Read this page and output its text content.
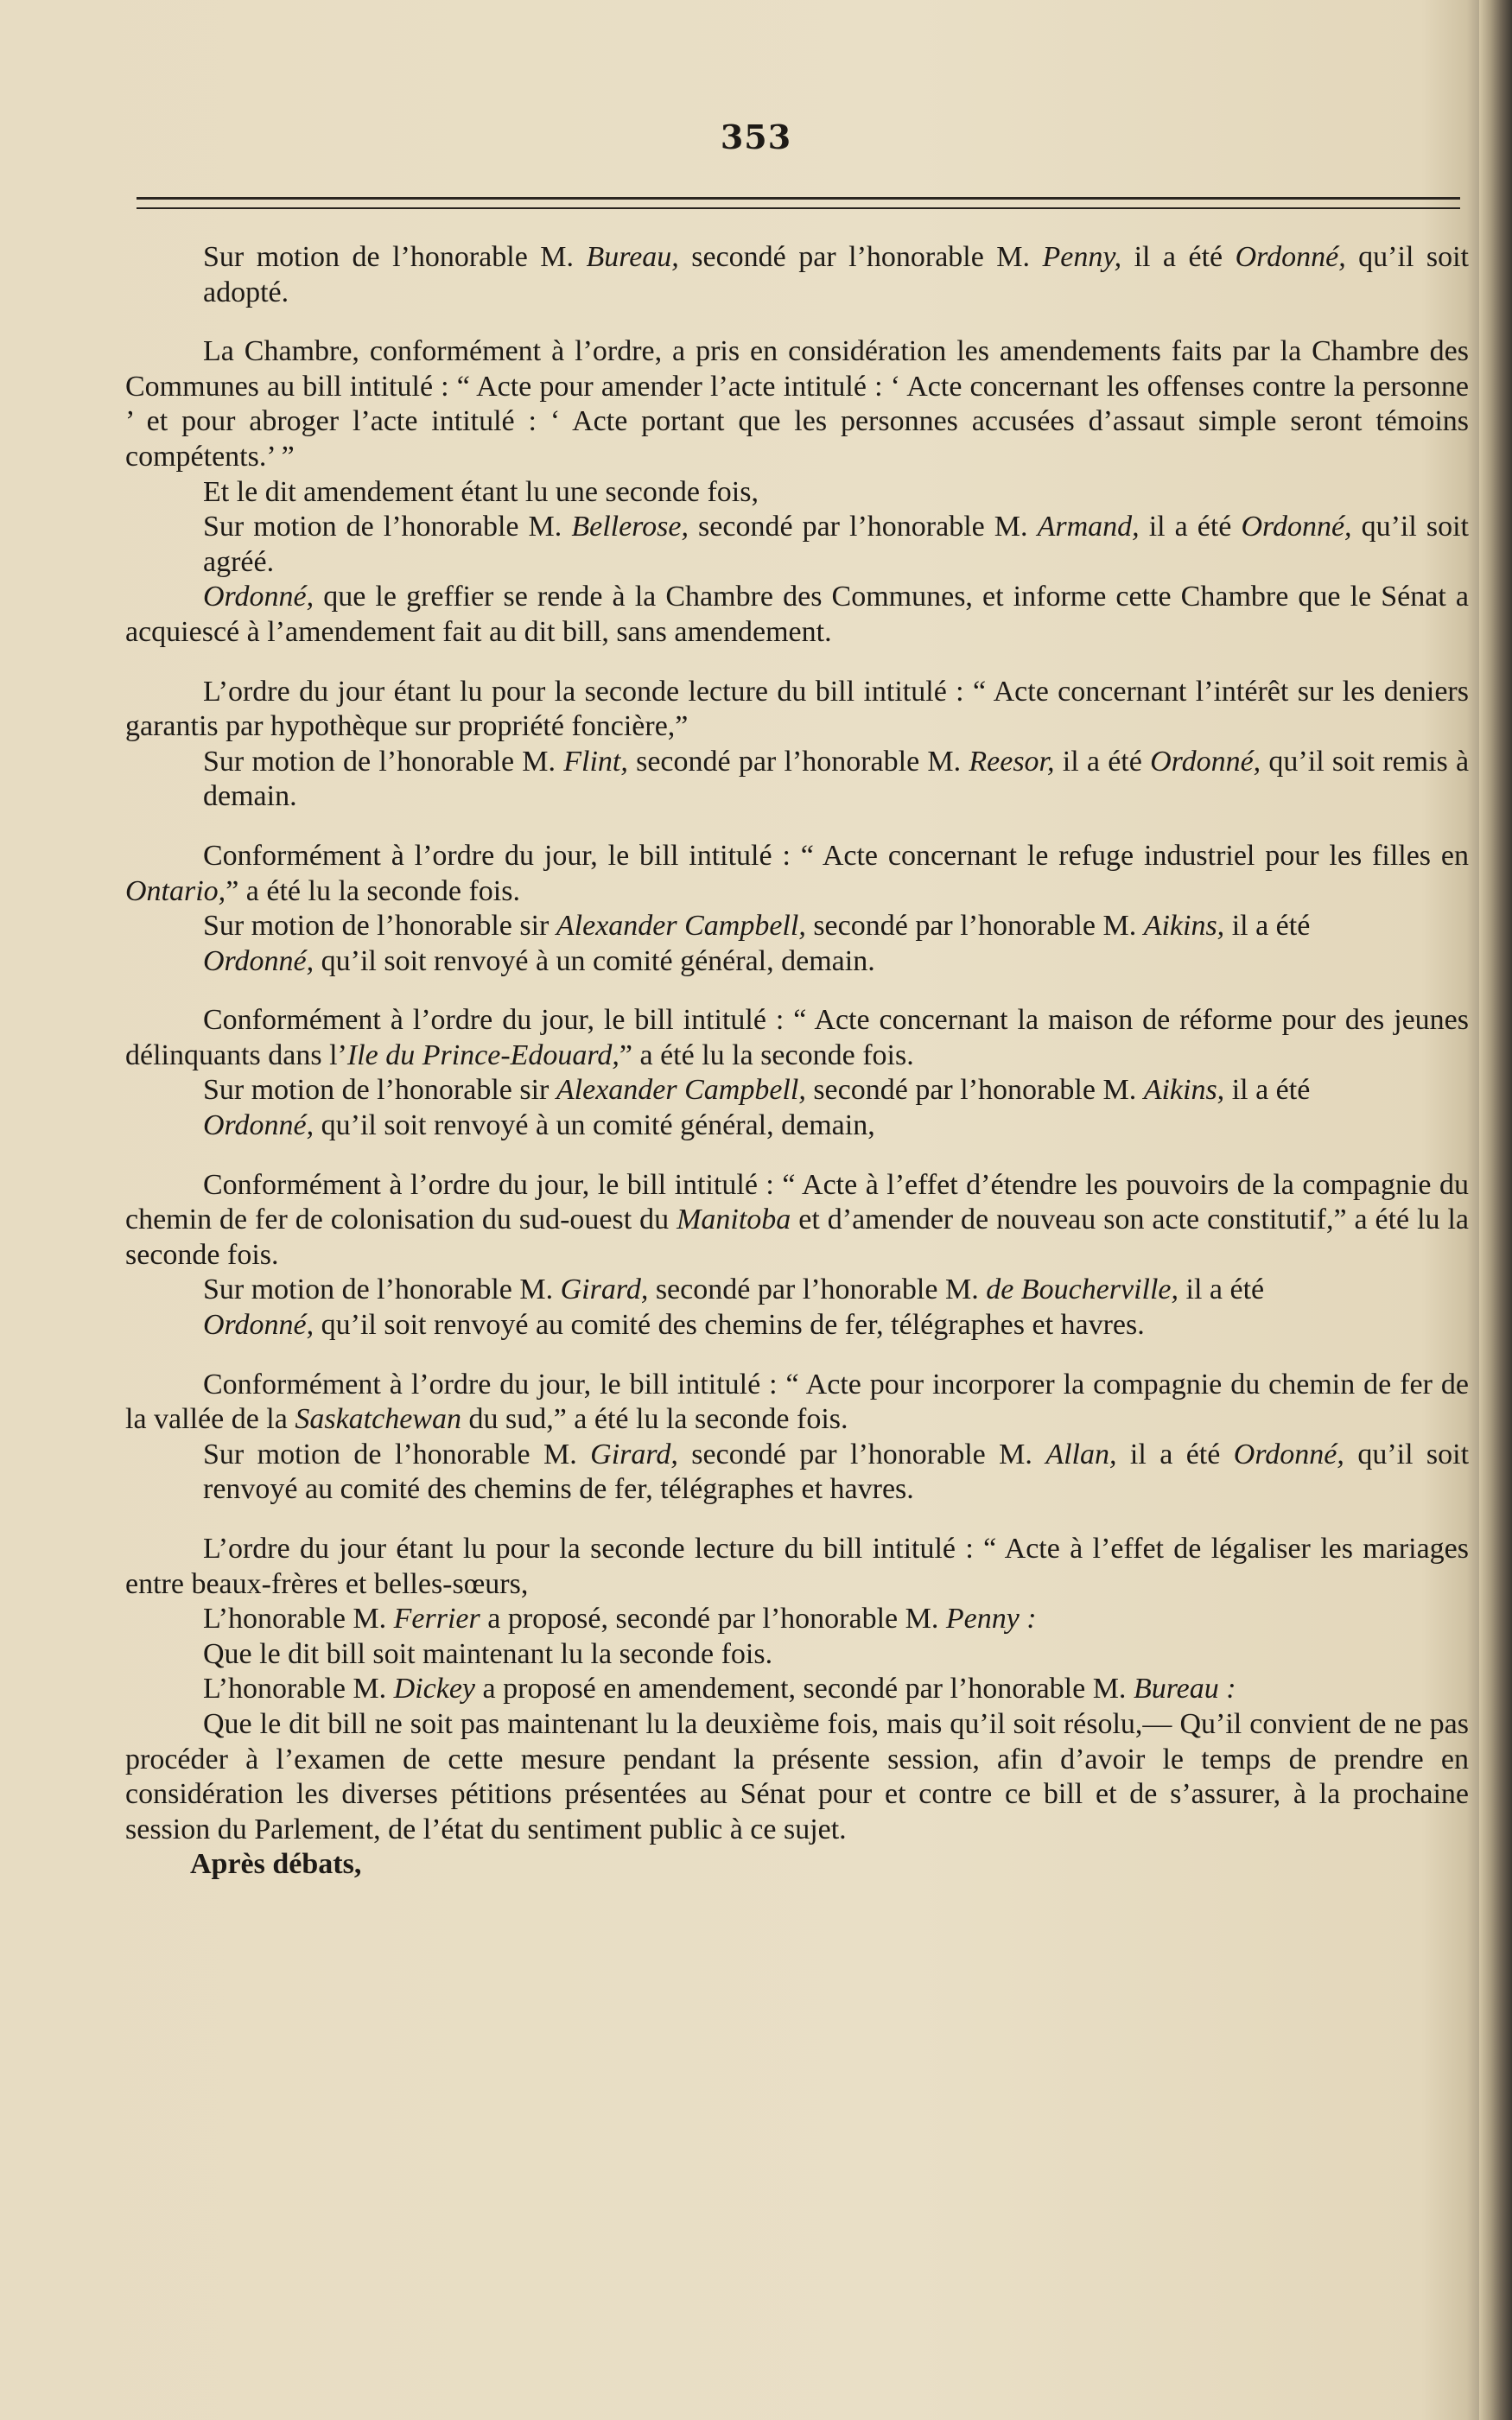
353

Sur motion de l’honorable M. Bureau, secondé par l’honorable M. Penny, il a été Ordonné, qu’il soit adopté.

La Chambre, conformément à l’ordre, a pris en considération les amendements faits par la Chambre des Communes au bill intitulé : “ Acte pour amender l’acte intitulé : ‘ Acte concernant les offenses contre la personne ’ et pour abroger l’acte intitulé : ‘ Acte portant que les personnes accusées d’assaut simple seront témoins compétents.’ ”

Et le dit amendement étant lu une seconde fois,

Sur motion de l’honorable M. Bellerose, secondé par l’honorable M. Armand, il a été Ordonné, qu’il soit agréé.

Ordonné, que le greffier se rende à la Chambre des Communes, et informe cette Chambre que le Sénat a acquiescé à l’amendement fait au dit bill, sans amendement.

L’ordre du jour étant lu pour la seconde lecture du bill intitulé : “ Acte concernant l’intérêt sur les deniers garantis par hypothèque sur propriété foncière,”

Sur motion de l’honorable M. Flint, secondé par l’honorable M. Reesor, il a été Ordonné, qu’il soit remis à demain.

Conformément à l’ordre du jour, le bill intitulé : “ Acte concernant le refuge industriel pour les filles en Ontario,” a été lu la seconde fois.

Sur motion de l’honorable sir Alexander Campbell, secondé par l’honorable M. Aikins, il a été

Ordonné, qu’il soit renvoyé à un comité général, demain.

Conformément à l’ordre du jour, le bill intitulé : “ Acte concernant la maison de réforme pour des jeunes délinquants dans l’Ile du Prince-Edouard,” a été lu la seconde fois.

Sur motion de l’honorable sir Alexander Campbell, secondé par l’honorable M. Aikins, il a été

Ordonné, qu’il soit renvoyé à un comité général, demain,

Conformément à l’ordre du jour, le bill intitulé : “ Acte à l’effet d’étendre les pouvoirs de la compagnie du chemin de fer de colonisation du sud-ouest du Manitoba et d’amender de nouveau son acte constitutif,” a été lu la seconde fois.

Sur motion de l’honorable M. Girard, secondé par l’honorable M. de Boucherville, il a été

Ordonné, qu’il soit renvoyé au comité des chemins de fer, télégraphes et havres.

Conformément à l’ordre du jour, le bill intitulé : “ Acte pour incorporer la compagnie du chemin de fer de la vallée de la Saskatchewan du sud,” a été lu la seconde fois.

Sur motion de l’honorable M. Girard, secondé par l’honorable M. Allan, il a été Ordonné, qu’il soit renvoyé au comité des chemins de fer, télégraphes et havres.

L’ordre du jour étant lu pour la seconde lecture du bill intitulé : “ Acte à l’effet de légaliser les mariages entre beaux-frères et belles-sœurs,

L’honorable M. Ferrier a proposé, secondé par l’honorable M. Penny :

Que le dit bill soit maintenant lu la seconde fois.

L’honorable M. Dickey a proposé en amendement, secondé par l’honorable M. Bureau :

Que le dit bill ne soit pas maintenant lu la deuxième fois, mais qu’il soit résolu,— Qu’il convient de ne pas procéder à l’examen de cette mesure pendant la présente session, afin d’avoir le temps de prendre en considération les diverses pétitions présentées au Sénat pour et contre ce bill et de s’assurer, à la prochaine session du Parlement, de l’état du sentiment public à ce sujet.

Après débats,
